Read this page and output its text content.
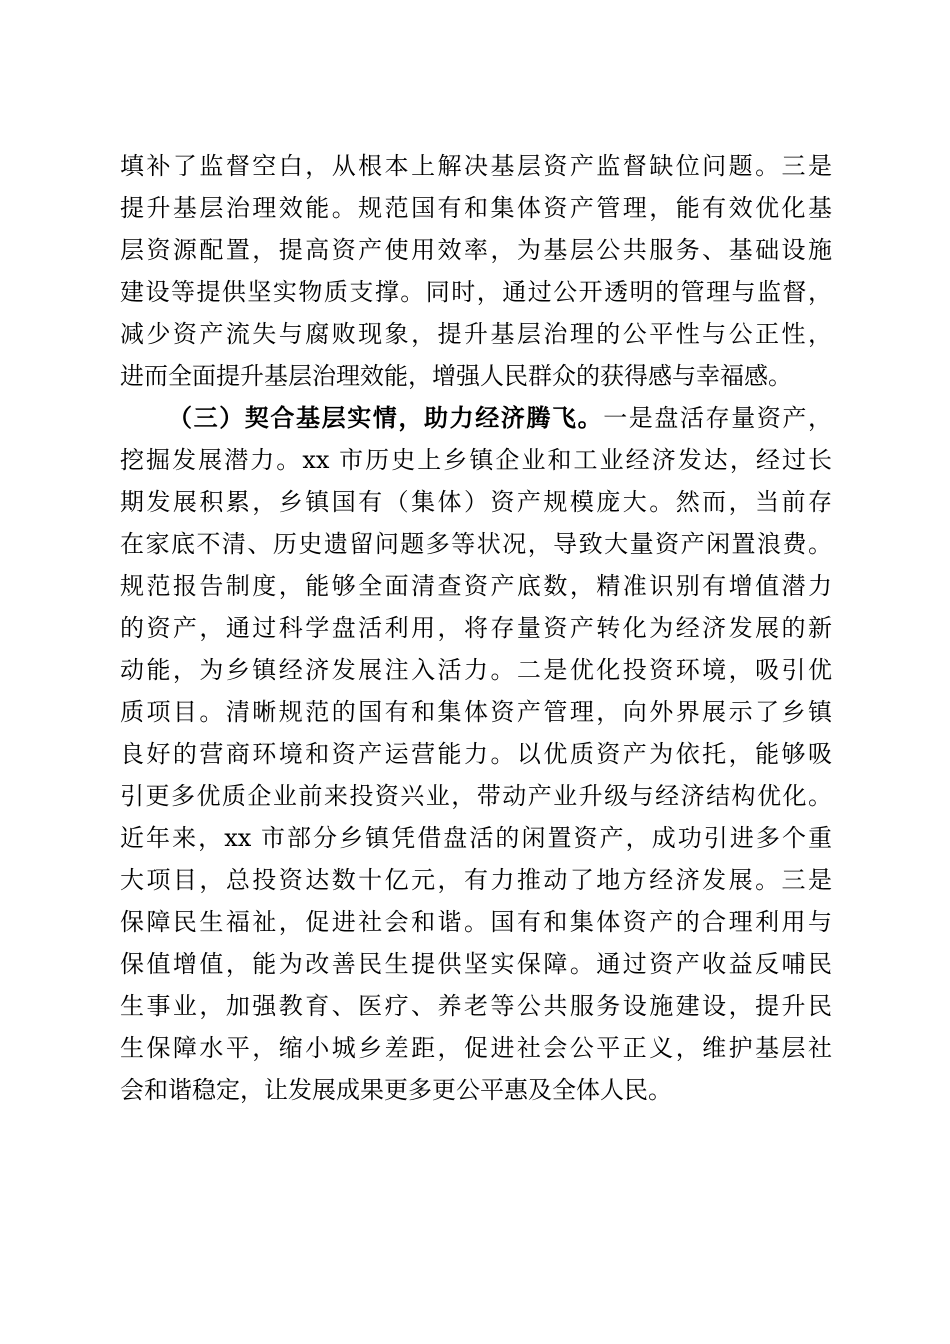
填补了监督空白，从根本上解决基层资产监督缺位问题。三是
提升基层治理效能。规范国有和集体资产管理，能有效优化基
层资源配置，提高资产使用效率，为基层公共服务、基础设施
建设等提供坚实物质支撑。同时，通过公开透明的管理与监督，
减少资产流失与腐败现象，提升基层治理的公平性与公正性，
进而全面提升基层治理效能，增强人民群众的获得感与幸福感。
（三）契合基层实情，助力经济腾飞。一是盘活存量资产，
挖掘发展潜力。xx 市历史上乡镇企业和工业经济发达，经过长
期发展积累，乡镇国有（集体）资产规模庞大。然而，当前存
在家底不清、历史遗留问题多等状况，导致大量资产闲置浪费。
规范报告制度，能够全面清查资产底数，精准识别有增值潜力
的资产，通过科学盘活利用，将存量资产转化为经济发展的新
动能，为乡镇经济发展注入活力。二是优化投资环境，吸引优
质项目。清晰规范的国有和集体资产管理，向外界展示了乡镇
良好的营商环境和资产运营能力。以优质资产为依托，能够吸
引更多优质企业前来投资兴业，带动产业升级与经济结构优化。
近年来，xx 市部分乡镇凭借盘活的闲置资产，成功引进多个重
大项目，总投资达数十亿元，有力推动了地方经济发展。三是
保障民生福祉，促进社会和谐。国有和集体资产的合理利用与
保值增值，能为改善民生提供坚实保障。通过资产收益反哺民
生事业，加强教育、医疗、养老等公共服务设施建设，提升民
生保障水平，缩小城乡差距，促进社会公平正义，维护基层社
会和谐稳定，让发展成果更多更公平惠及全体人民。
